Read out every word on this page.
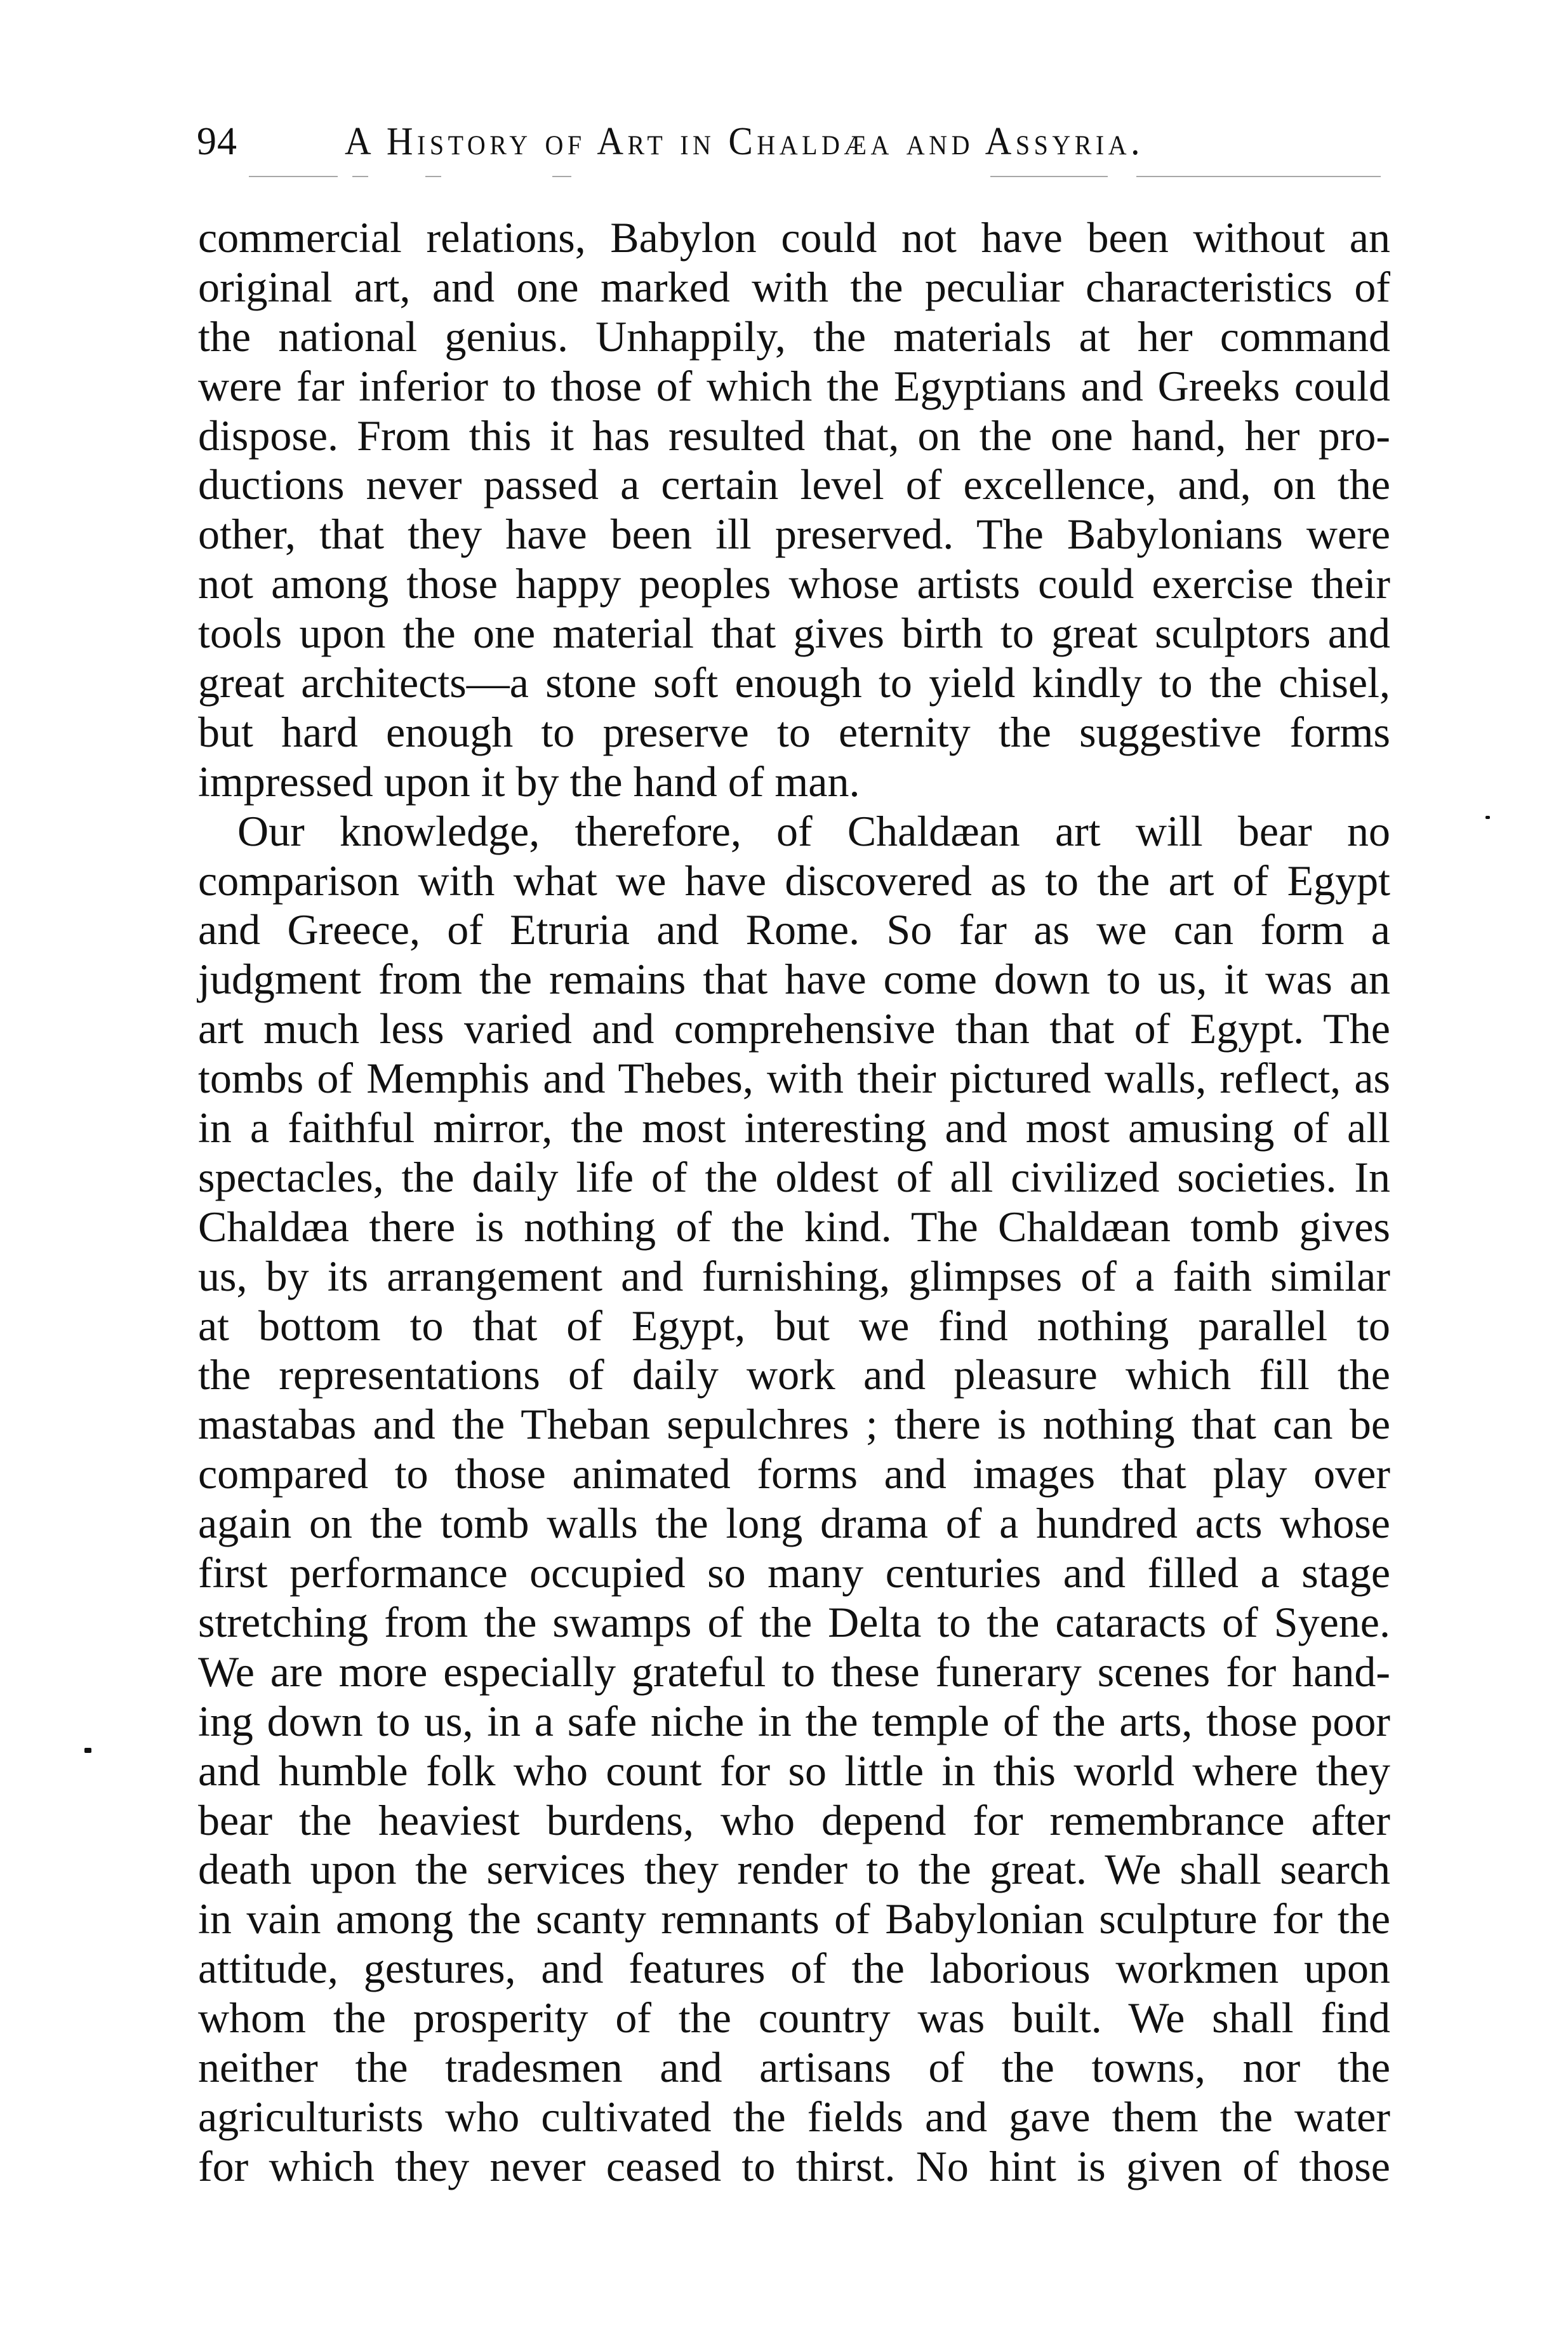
94	A History of Art in Chaldæa and Assyria.
commercial relations, Babylon could not have been without an
original art, and one marked with the peculiar characteristics of
the national genius. Unhappily, the materials at her command
were far inferior to those of which the Egyptians and Greeks could
dispose. From this it has resulted that, on the one hand, her pro-
ductions never passed a certain level of excellence, and, on the
other, that they have been ill preserved. The Babylonians were
not among those happy peoples whose artists could exercise their
tools upon the one material that gives birth to great sculptors and
great architects—a stone soft enough to yield kindly to the chisel,
but hard enough to preserve to eternity the suggestive forms
impressed upon it by the hand of man.
Our knowledge, therefore, of Chaldæan art will bear no
comparison with what we have discovered as to the art of Egypt
and Greece, of Etruria and Rome. So far as we can form a
judgment from the remains that have come down to us, it was an
art much less varied and comprehensive than that of Egypt. The
tombs of Memphis and Thebes, with their pictured walls, reflect, as
in a faithful mirror, the most interesting and most amusing of all
spectacles, the daily life of the oldest of all civilized societies. In
Chaldæa there is nothing of the kind. The Chaldæan tomb gives
us, by its arrangement and furnishing, glimpses of a faith similar
at bottom to that of Egypt, but we find nothing parallel to
the representations of daily work and pleasure which fill the
mastabas and the Theban sepulchres ; there is nothing that can be
compared to those animated forms and images that play over
again on the tomb walls the long drama of a hundred acts whose
first performance occupied so many centuries and filled a stage
stretching from the swamps of the Delta to the cataracts of Syene.
We are more especially grateful to these funerary scenes for hand-
ing down to us, in a safe niche in the temple of the arts, those poor
and humble folk who count for so little in this world where they
bear the heaviest burdens, who depend for remembrance after
death upon the services they render to the great. We shall search
in vain among the scanty remnants of Babylonian sculpture for the
attitude, gestures, and features of the laborious workmen upon
whom the prosperity of the country was built. We shall find
neither the tradesmen and artisans of the towns, nor the
agriculturists who cultivated the fields and gave them the water
for which they never ceased to thirst. No hint is given of those
